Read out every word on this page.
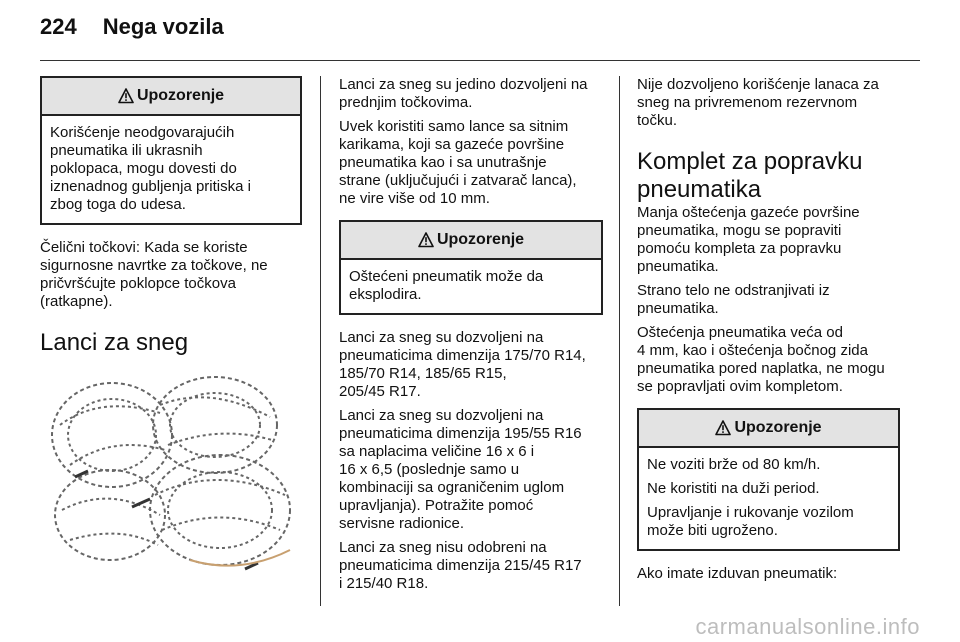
224 Nega vozila
Upozorenje

Korišćenje neodgovarajućih
pneumatika ili ukrasnih
poklopaca, mogu dovesti do
iznenadnog gubljenja pritiska i
zbog toga do udesa.

Čelični točkovi: Kada se koriste
sigurnosne navrtke za točkove, ne
pričvršćujte poklopce točkova
(ratkapne).

Lanci za sneg

Lanci za sneg su jedino dozvoljeni na
prednjim točkovima.

Uvek koristiti samo lance sa sitnim
karikama, koji sa gazeće površine
pneumatika kao i sa unutrašnje
strane (uključujući i zatvarač lanca),
ne vire više od 10 mm.

Upozorenje

Oštećeni pneumatik može da
eksplodira.

Lanci za sneg su dozvoljeni na
pneumaticima dimenzija 175/70 R14,
185/70 R14, 185/65 R15,
205/45 R17.

Lanci za sneg su dozvoljeni na
pneumaticima dimenzija 195/55 R16
sa naplacima veličine 16 x 6 i
16 x 6,5 (poslednje samo u
kombinaciji sa ograničenim uglom
upravljanja). Potražite pomoć
servisne radionice.

Lanci za sneg nisu odobreni na
pneumaticima dimenzija 215/45 R17
i 215/40 R18.

Nije dozvoljeno korišćenje lanaca za
sneg na privremenom rezervnom
točku.

Komplet za popravku
pneumatika

Manja oštećenja gazeće površine
pneumatika, mogu se popraviti
pomoću kompleta za popravku
pneumatika.

Strano telo ne odstranjivati iz
pneumatika.

Oštećenja pneumatika veća od
4 mm, kao i oštećenja bočnog zida
pneumatika pored naplatka, ne mogu
se popravljati ovim kompletom.

Upozorenje

Ne voziti brže od 80 km/h.

Ne koristiti na duži period.

Upravljanje i rukovanje vozilom
može biti ugroženo.

Ako imate izduvan pneumatik:

carmanualsonline.info
